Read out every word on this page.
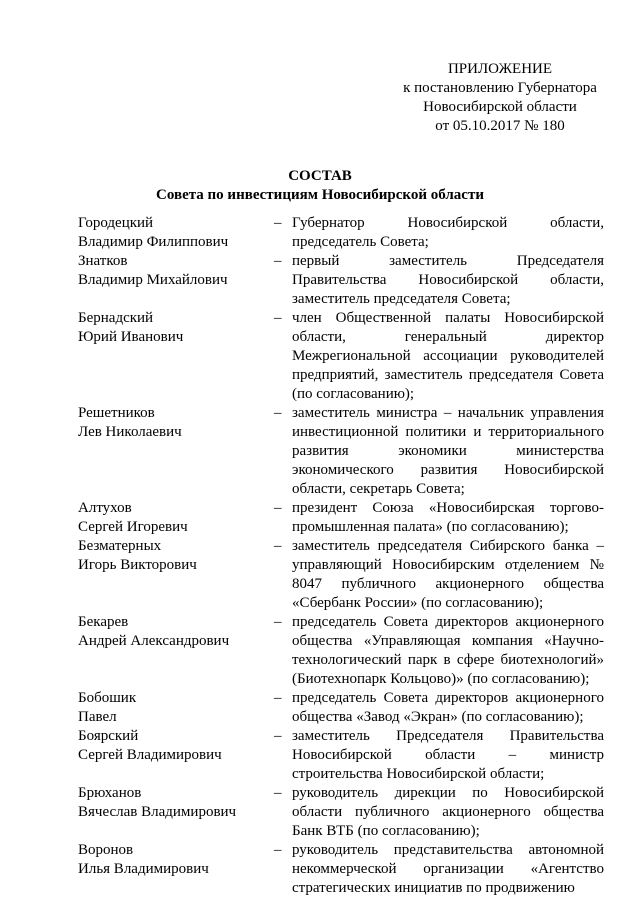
ПРИЛОЖЕНИЕ
к постановлению Губернатора
Новосибирской области
от 05.10.2017 № 180
СОСТАВ
Совета по инвестициям Новосибирской области
Городецкий
Владимир Филиппович
– Губернатор Новосибирской области, председатель Совета;
Знатков
Владимир Михайлович
– первый заместитель Председателя Правительства Новосибирской области, заместитель председателя Совета;
Бернадский
Юрий Иванович
– член Общественной палаты Новосибирской области, генеральный директор Межрегиональной ассоциации руководителей предприятий, заместитель председателя Совета (по согласованию);
Решетников
Лев Николаевич
– заместитель министра – начальник управления инвестиционной политики и территориального развития экономики министерства экономического развития Новосибирской области, секретарь Совета;
Алтухов
Сергей Игоревич
– президент Союза «Новосибирская торгово-промышленная палата» (по согласованию);
Безматерных
Игорь Викторович
– заместитель председателя Сибирского банка – управляющий Новосибирским отделением № 8047 публичного акционерного общества «Сбербанк России» (по согласованию);
Бекарев
Андрей Александрович
– председатель Совета директоров акционерного общества «Управляющая компания «Научно-технологический парк в сфере биотехнологий» (Биотехнопарк Кольцово)» (по согласованию);
Бобошик
Павел
– председатель Совета директоров акционерного общества «Завод «Экран» (по согласованию);
Боярский
Сергей Владимирович
– заместитель Председателя Правительства Новосибирской области – министр строительства Новосибирской области;
Брюханов
Вячеслав Владимирович
– руководитель дирекции по Новосибирской области публичного акционерного общества Банк ВТБ (по согласованию);
Воронов
Илья Владимирович
– руководитель представительства автономной некоммерческой организации «Агентство стратегических инициатив по продвижению
